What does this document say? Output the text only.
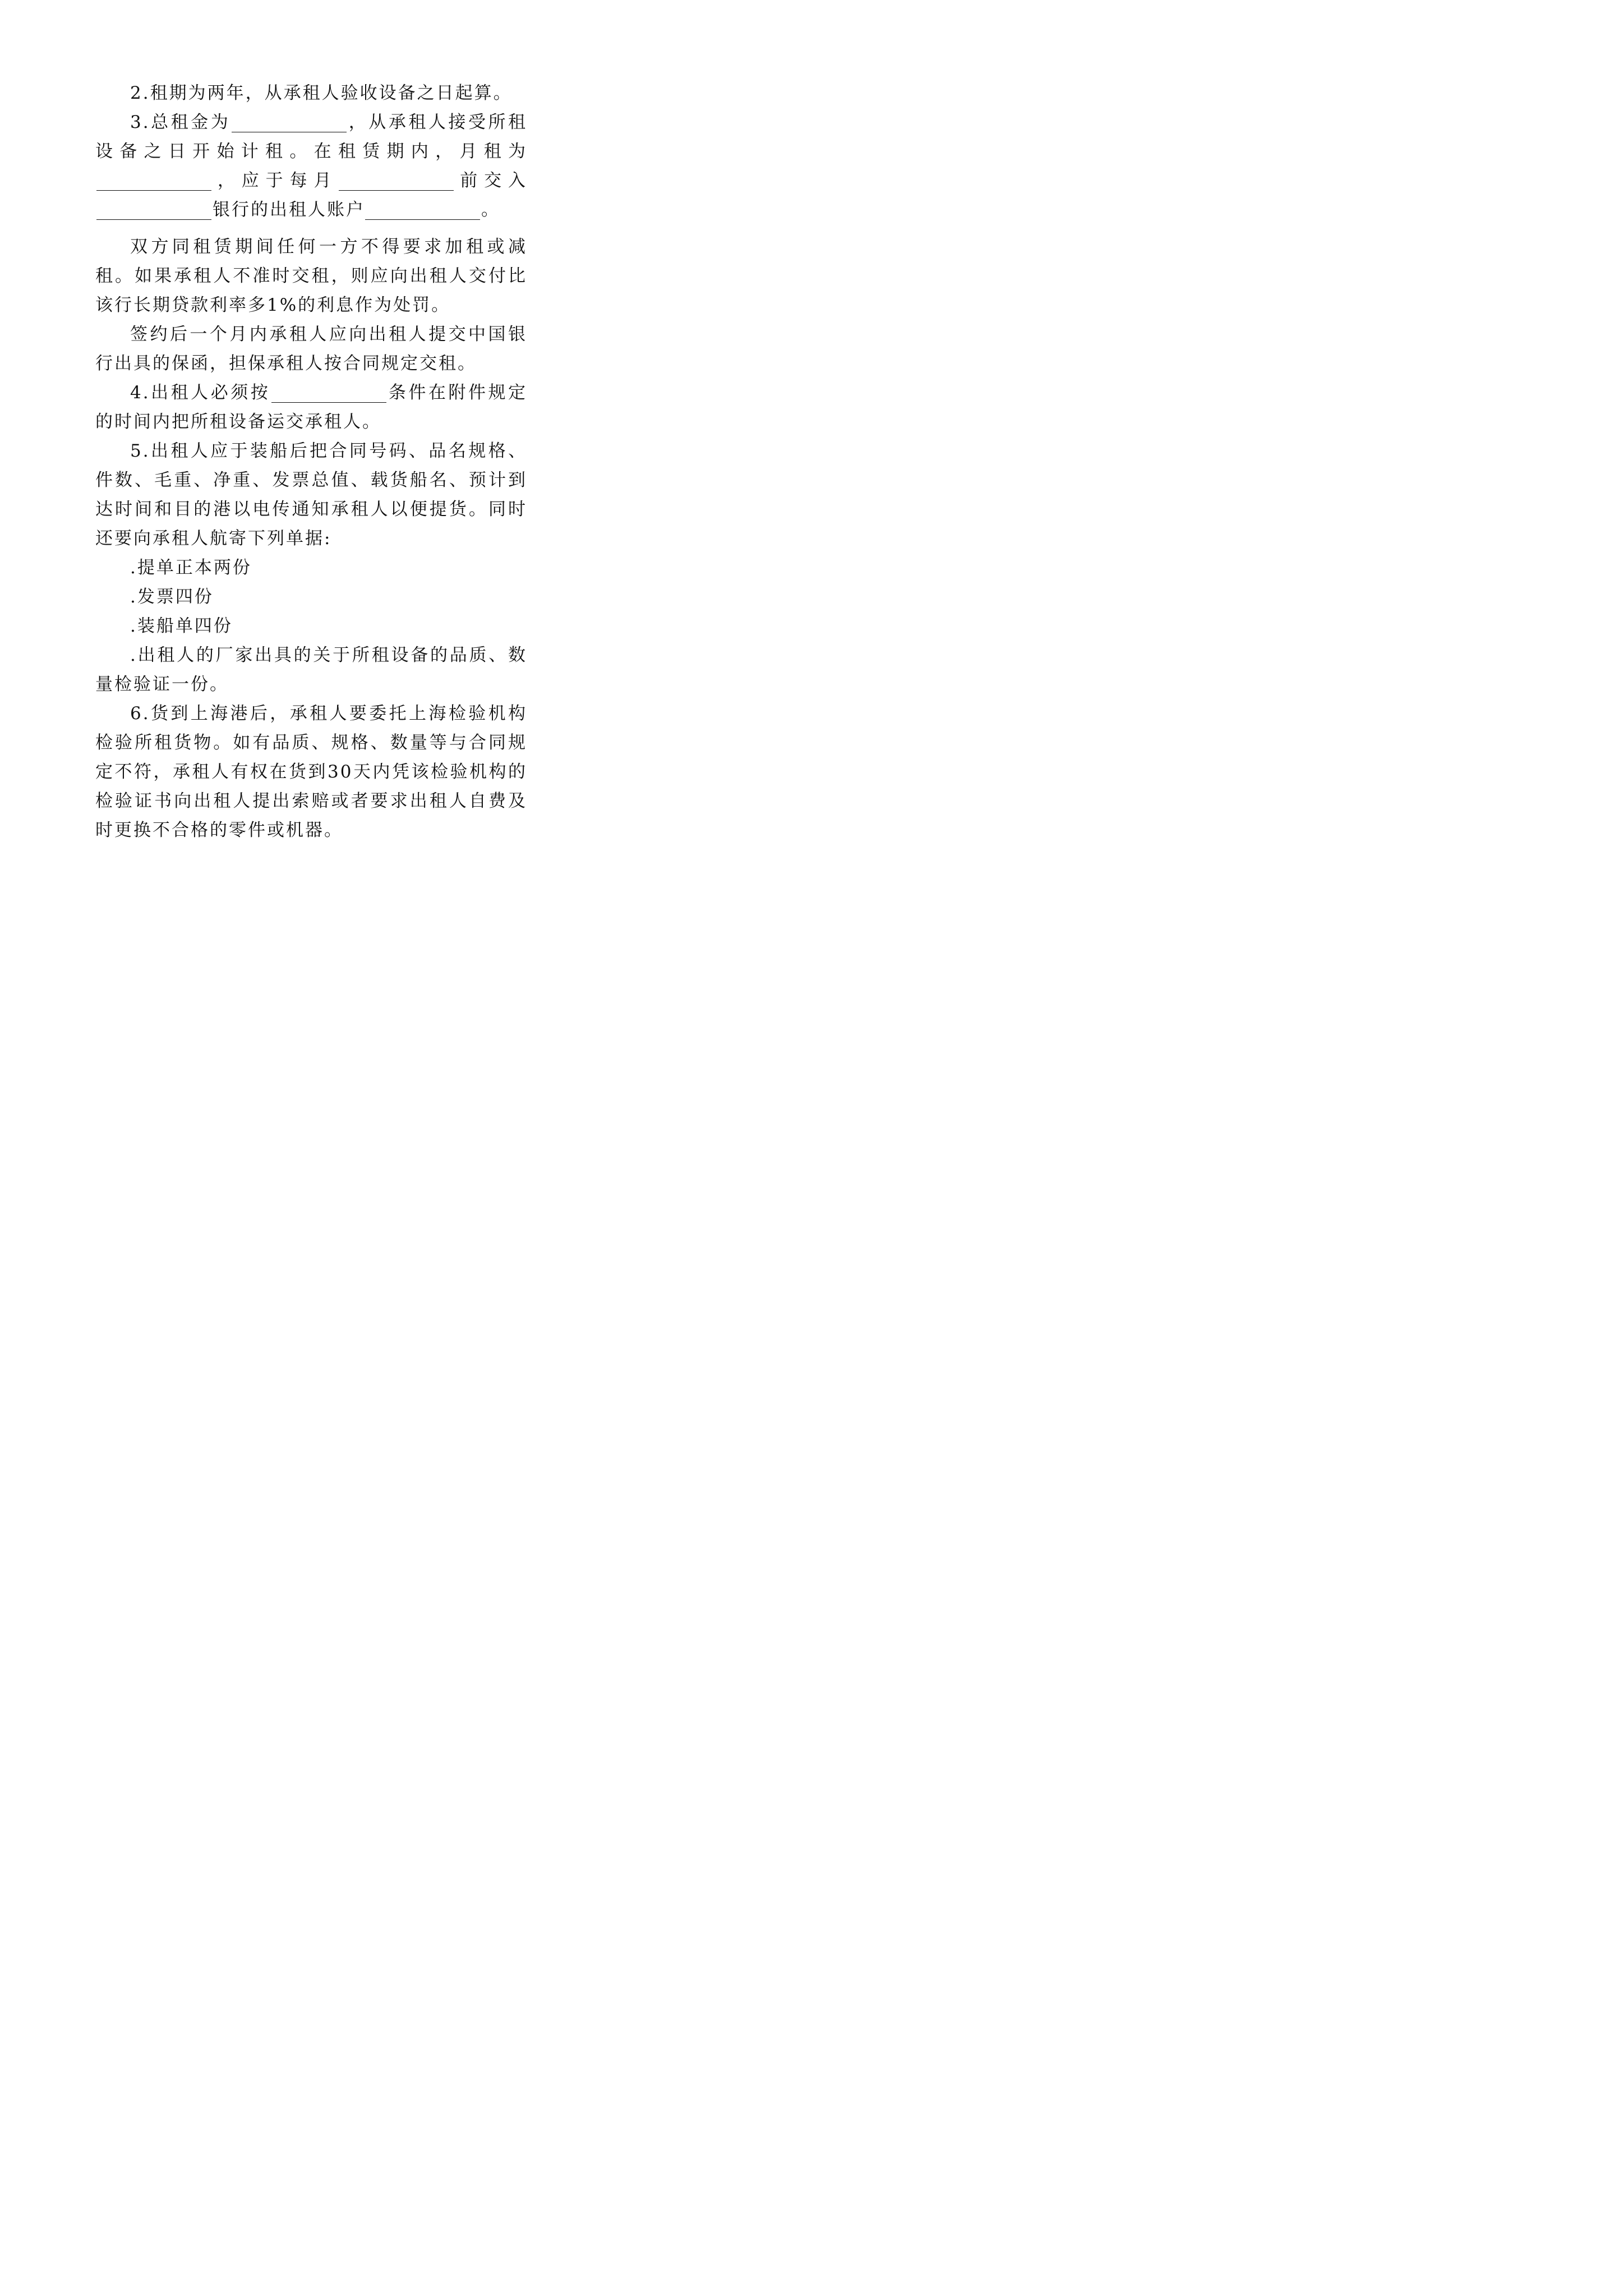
2.租期为两年，从承租人验收设备之日起算。

3.总租金为	，从承租人接受所租设备之日开始计租。在租赁期内，月租为，应于每月	前交入银行的出租人账户	。

双方同租赁期间任何一方不得要求加租或减租。如果承租人不准时交租，则应向出租人交付比该行长期贷款利率多1%的利息作为处罚。

签约后一个月内承租人应向出租人提交中国银行出具的保函，担保承租人按合同规定交租。

4.出租人必须按	条件在附件规定的时间内把所租设备运交承租人。

5.出租人应于装船后把合同号码、品名规格、件数、毛重、净重、发票总值、载货船名、预计到达时间和目的港以电传通知承租人以便提货。同时还要向承租人航寄下列单据:

.提单正本两份

.发票四份

.装船单四份

.出租人的厂家出具的关于所租设备的品质、数量检验证一份。

6.货到上海港后，承租人要委托上海检验机构检验所租货物。如有品质、规格、数量等与合同规定不符，承租人有权在货到30天内凭该检验机构的检验证书向出租人提出索赔或者要求出租人自费及时更换不合格的零件或机器。
